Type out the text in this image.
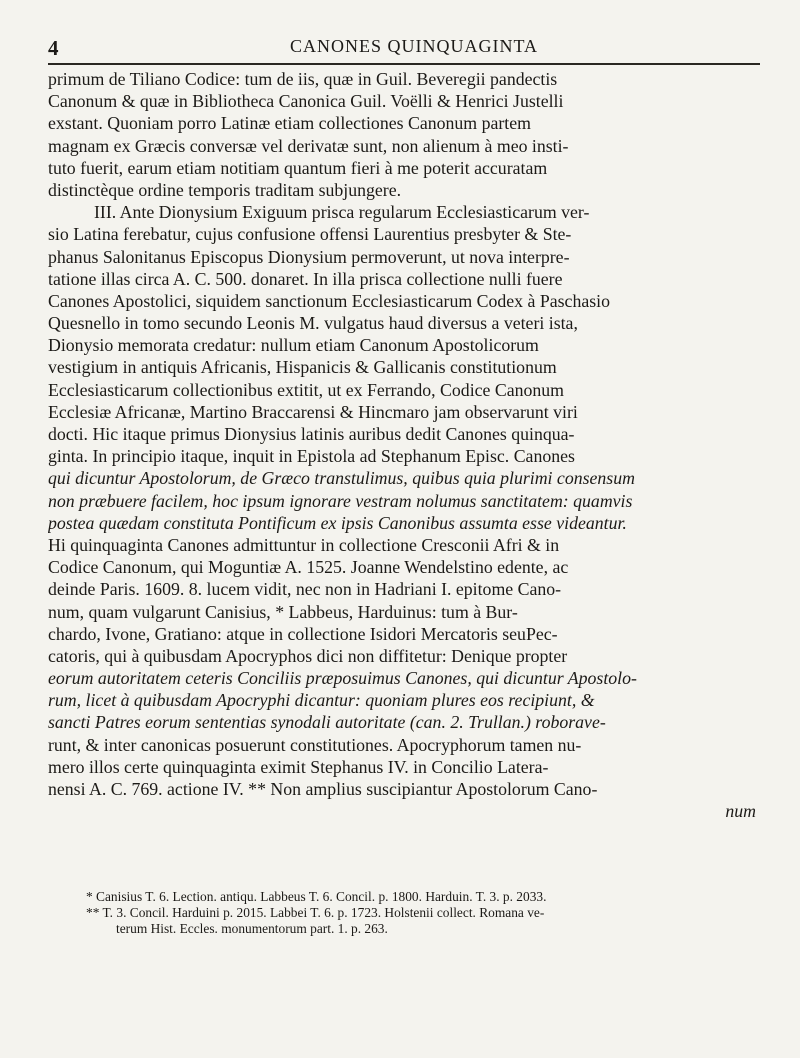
4	CANONES QUINQUAGINTA
primum de Tiliano Codice: tum de iis, quæ in Guil. Beveregii pandectis
Canonum & quæ in Bibliotheca Canonica Guil. Voëlli & Henrici Justelli
exstant. Quoniam porro Latinæ etiam collectiones Canonum partem
magnam ex Græcis conversæ vel derivatæ sunt, non alienum à meo insti-
tuto fuerit, earum etiam notitiam quantum fieri à me poterit accuratam
distinctèque ordine temporis traditam subjungere.
III. Ante Dionysium Exiguum prisca regularum Ecclesiasticarum ver-
sio Latina ferebatur, cujus confusione offensi Laurentius presbyter & Ste-
phanus Salonitanus Episcopus Dionysium permoverunt, ut nova interpre-
tatione illas circa A. C. 500. donaret. In illa prisca collectione nulli fuere
Canones Apostolici, siquidem sanctionum Ecclesiasticarum Codex à Paschasio
Quesnello in tomo secundo Leonis M. vulgatus haud diversus a veteri ista,
Dionysio memorata credatur: nullum etiam Canonum Apostolicorum
vestigium in antiquis Africanis, Hispanicis & Gallicanis constitutionum
Ecclesiasticarum collectionibus extitit, ut ex Ferrando, Codice Canonum
Ecclesiæ Africanæ, Martino Braccarensi & Hincmaro jam observarunt viri
docti. Hic itaque primus Dionysius latinis auribus dedit Canones quinqua-
ginta. In principio itaque, inquit in Epistola ad Stephanum Episc. Canones
qui dicuntur Apostolorum, de Græco transtulimus, quibus quia plurimi consensum
non præbuere facilem, hoc ipsum ignorare vestram nolumus sanctitatem: quamvis
postea quædam constituta Pontificum ex ipsis Canonibus assumta esse videantur.
Hi quinquaginta Canones admittuntur in collectione Cresconii Afri & in
Codice Canonum, qui Moguntiæ A. 1525. Joanne Wendelstino edente, ac
deinde Paris. 1609. 8. lucem vidit, nec non in Hadriani I. epitome Cano-
num, quam vulgarunt Canisius, * Labbeus, Harduinus: tum à Bur-
chardo, Ivone, Gratiano: atque in collectione Isidori Mercatoris seuPec-
catoris, qui à quibusdam Apocryphos dici non diffitetur: Denique propter
eorum autoritatem ceteris Conciliis præposuimus Canones, qui dicuntur Apostolo-
rum, licet à quibusdam Apocryphi dicantur: quoniam plures eos recipiunt, &
sancti Patres eorum sententias synodali autoritate (can. 2. Trullan.) roborave-
runt, & inter canonicas posuerunt constitutiones. Apocryphorum tamen nu-
mero illos certe quinquaginta eximit Stephanus IV. in Concilio Latera-
nensi A. C. 769. actione IV. ** Non amplius suscipiantur Apostolorum Cano-
num
* Canisius T. 6. Lection. antiqu. Labbeus T. 6. Concil. p. 1800. Harduin. T. 3. p. 2033.
** T. 3. Concil. Harduini p. 2015. Labbei T. 6. p. 1723. Holstenii collect. Romana ve-
terum Hist. Eccles. monumentorum part. 1. p. 263.
